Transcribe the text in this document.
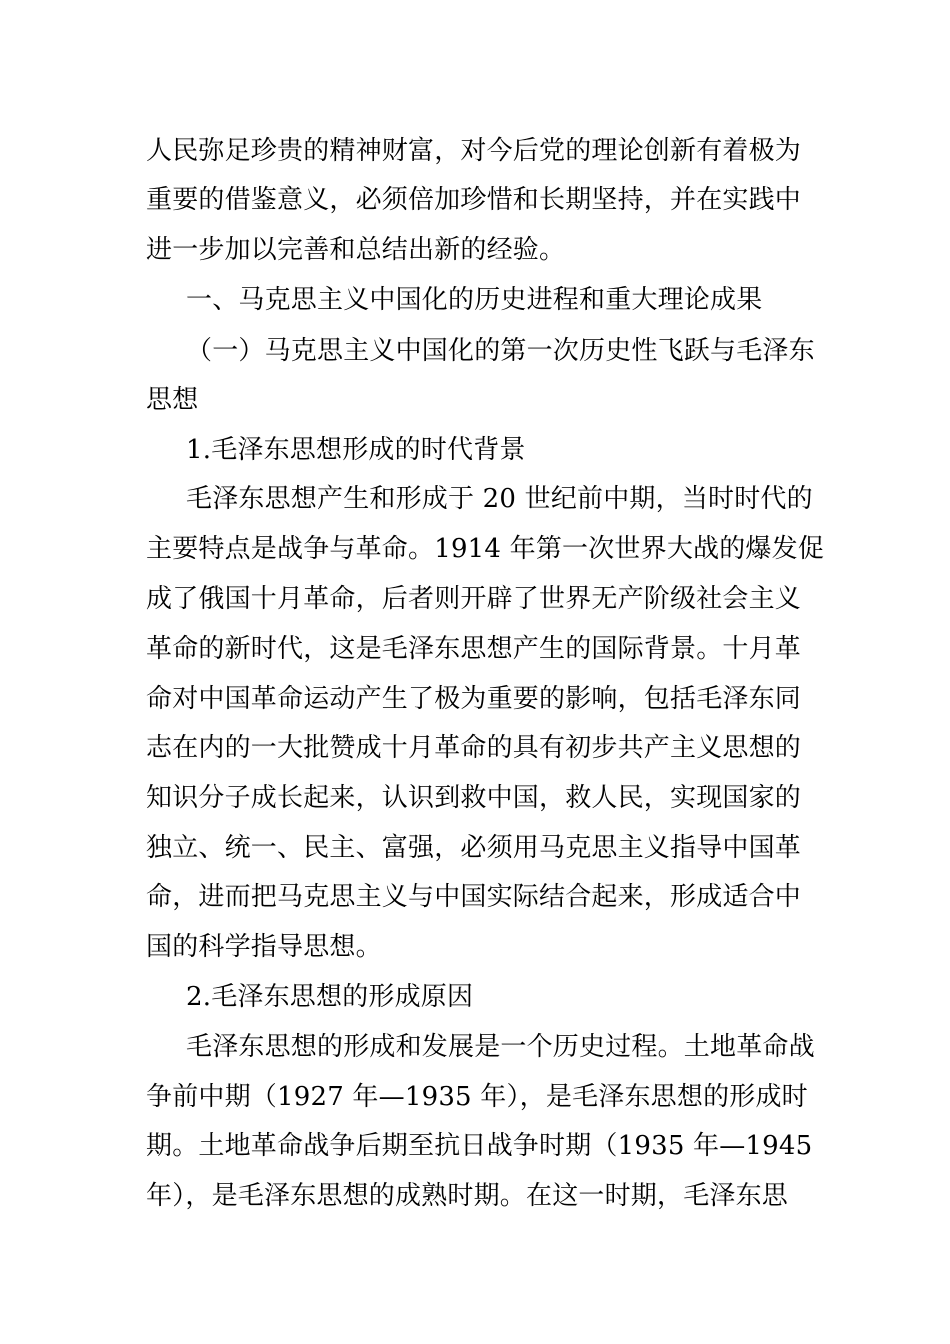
人民弥足珍贵的精神财富，对今后党的理论创新有着极为
重要的借鉴意义，必须倍加珍惜和长期坚持，并在实践中
进一步加以完善和总结出新的经验。
一、马克思主义中国化的历史进程和重大理论成果
（一）马克思主义中国化的第一次历史性飞跃与毛泽东
思想
1.毛泽东思想形成的时代背景
毛泽东思想产生和形成于 20 世纪前中期，当时时代的
主要特点是战争与革命。1914 年第一次世界大战的爆发促
成了俄国十月革命，后者则开辟了世界无产阶级社会主义
革命的新时代，这是毛泽东思想产生的国际背景。十月革
命对中国革命运动产生了极为重要的影响，包括毛泽东同
志在内的一大批赞成十月革命的具有初步共产主义思想的
知识分子成长起来，认识到救中国，救人民，实现国家的
独立、统一、民主、富强，必须用马克思主义指导中国革
命，进而把马克思主义与中国实际结合起来，形成适合中
国的科学指导思想。
2.毛泽东思想的形成原因
毛泽东思想的形成和发展是一个历史过程。土地革命战
争前中期（1927 年—1935 年），是毛泽东思想的形成时
期。土地革命战争后期至抗日战争时期（1935 年—1945
年），是毛泽东思想的成熟时期。在这一时期，毛泽东思
